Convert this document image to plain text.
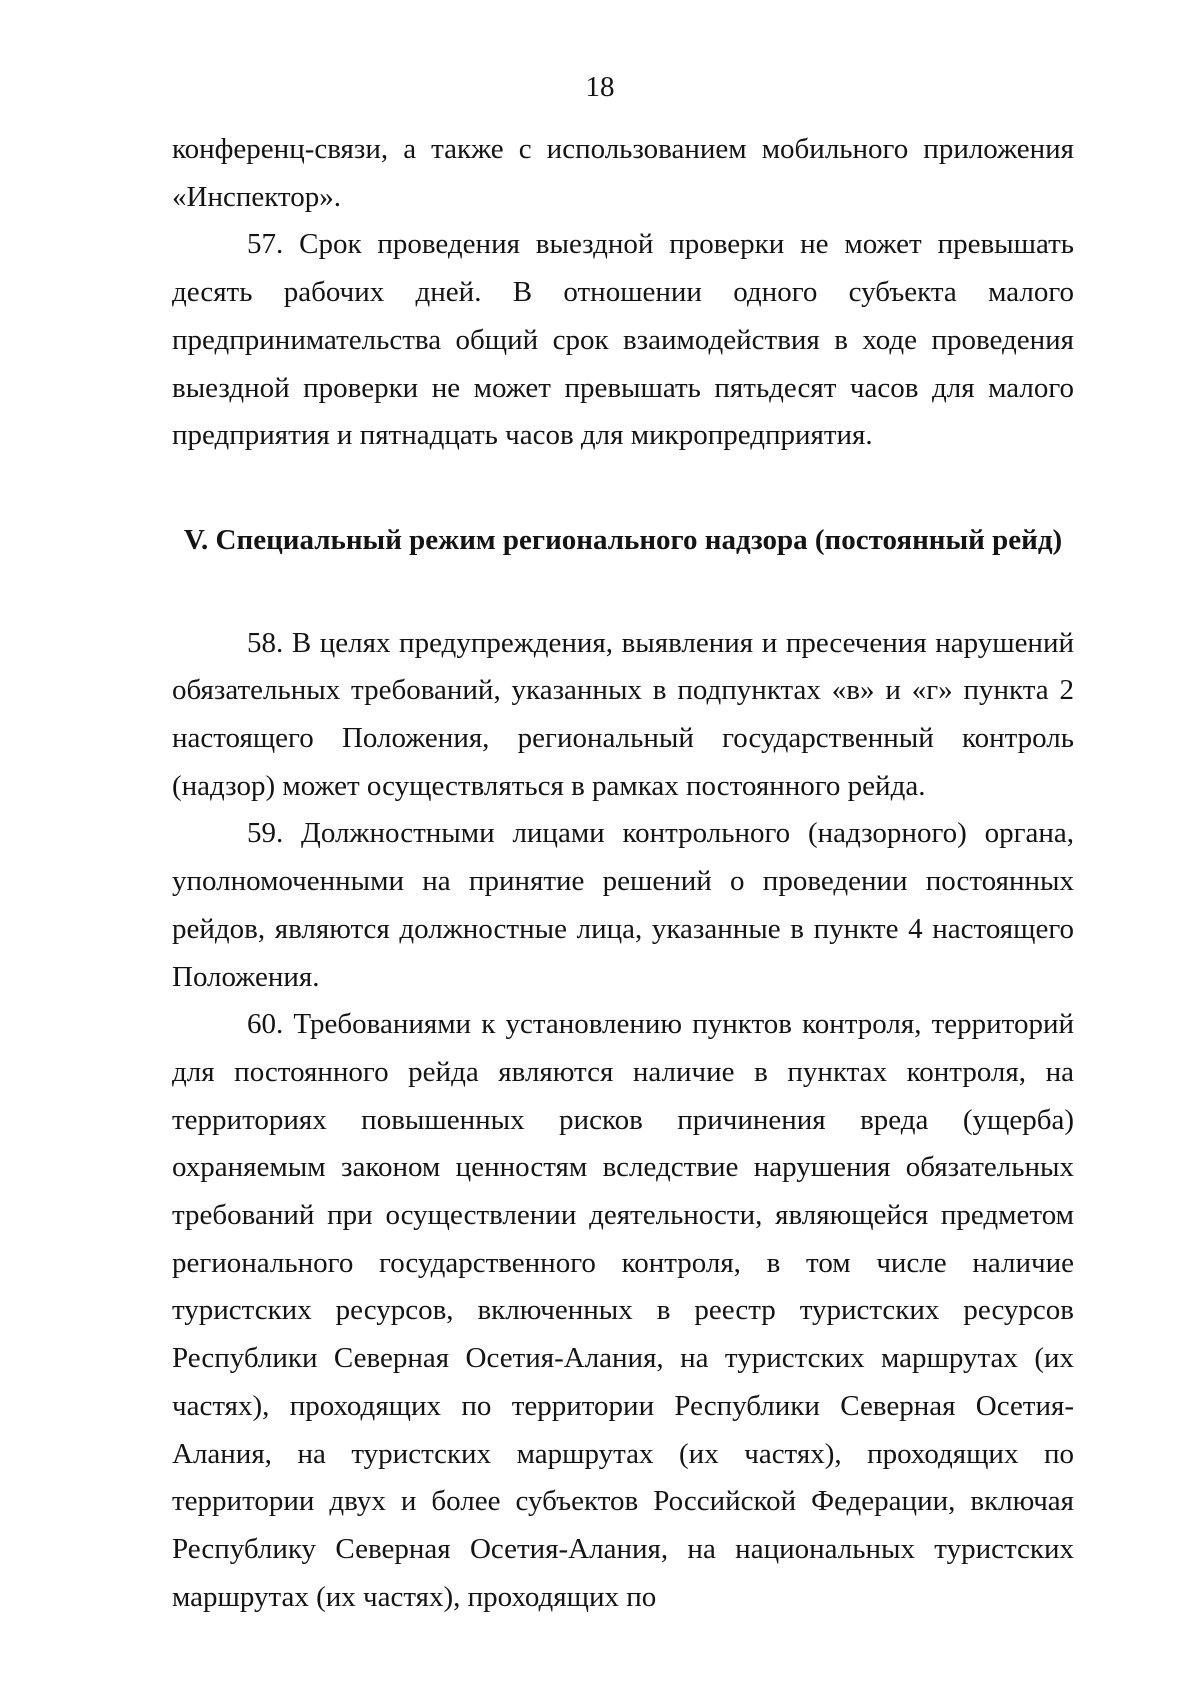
18

конференц-связи, а также с использованием мобильного приложения «Инспектор».

57. Срок проведения выездной проверки не может превышать десять рабочих дней. В отношении одного субъекта малого предпринимательства общий срок взаимодействия в ходе проведения выездной проверки не может превышать пятьдесят часов для малого предприятия и пятнадцать часов для микропредприятия.

V. Специальный режим регионального надзора (постоянный рейд)

58. В целях предупреждения, выявления и пресечения нарушений обязательных требований, указанных в подпунктах «в» и «г» пункта 2 настоящего Положения, региональный государственный контроль (надзор) может осуществляться в рамках постоянного рейда.

59. Должностными лицами контрольного (надзорного) органа, уполномоченными на принятие решений о проведении постоянных рейдов, являются должностные лица, указанные в пункте 4 настоящего Положения.

60. Требованиями к установлению пунктов контроля, территорий для постоянного рейда являются наличие в пунктах контроля, на территориях повышенных рисков причинения вреда (ущерба) охраняемым законом ценностям вследствие нарушения обязательных требований при осуществлении деятельности, являющейся предметом регионального государственного контроля, в том числе наличие туристских ресурсов, включенных в реестр туристских ресурсов Республики Северная Осетия-Алания, на туристских маршрутах (их частях), проходящих по территории Республики Северная Осетия-Алания, на туристских маршрутах (их частях), проходящих по территории двух и более субъектов Российской Федерации, включая Республику Северная Осетия-Алания, на национальных туристских маршрутах (их частях), проходящих по
